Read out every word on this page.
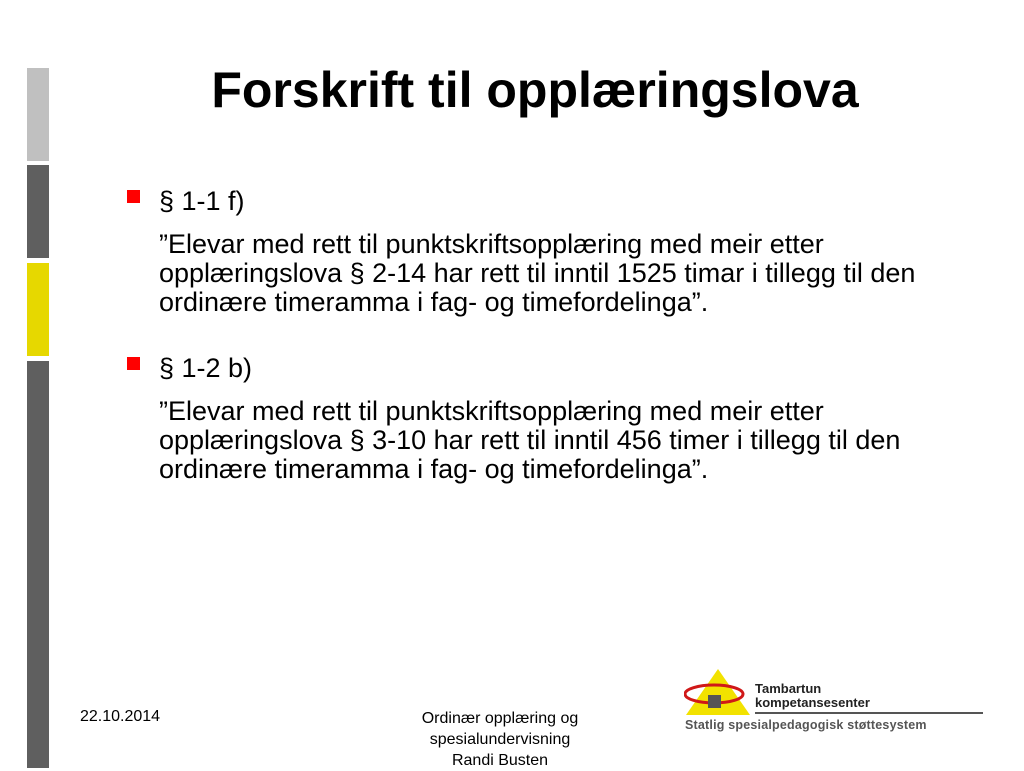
Forskrift til opplæringslova
§ 1-1 f)
”Elevar med rett til punktskriftsopplæring med meir etter opplæringslova § 2-14 har rett til inntil 1525 timar i tillegg til den ordinære timeramma i fag- og timefordelinga”.
§ 1-2 b)
”Elevar med rett til punktskriftsopplæring med meir etter opplæringslova § 3-10 har rett til inntil 456 timer i tillegg til den ordinære timeramma i fag- og timefordelinga”.
22.10.2014	Ordinær opplæring og
spesialundervisning
Randi Busten
Tambartun
kompetansesenter
Statlig spesialpedagogisk støttesystem
